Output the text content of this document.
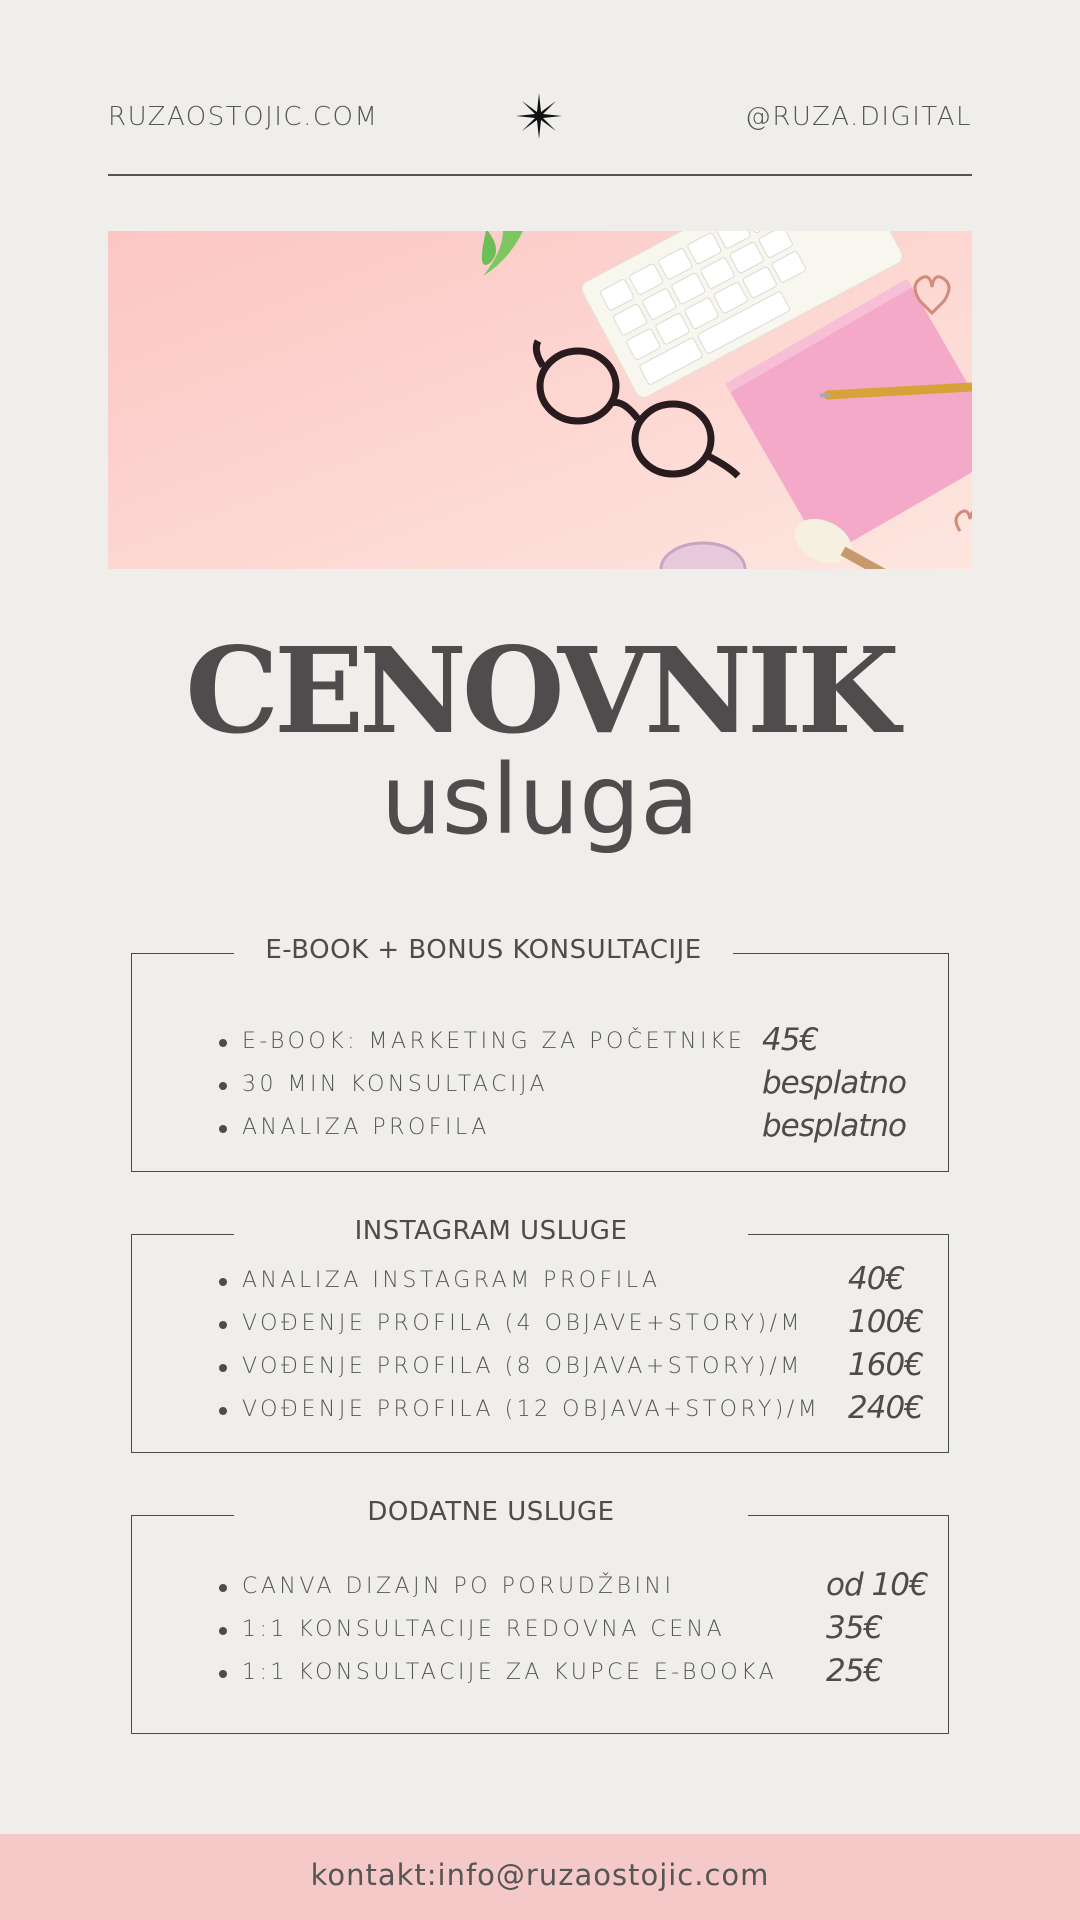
RUZAOSTOJIC.COM	@RUZA.DIGITAL
CENOVNIK
usluga
E-BOOK + BONUS KONSULTACIJE
E-BOOK: MARKETING ZA POČETNIKE 45€
30 MIN KONSULTACIJA	besplatno
ANALIZA PROFILA	besplatno
INSTAGRAM USLUGE
ANALIZA INSTAGRAM PROFILA	40€
VOĐENJE PROFILA (4 OBJAVE+STORY)/M 100€
VOĐENJE PROFILA (8 OBJAVA+STORY)/M 160€
VOĐENJE PROFILA (12 OBJAVA+STORY)/M 240€
DODATNE USLUGE
CANVA DIZAJN PO PORUDŽBINI	od 10€
1:1 KONSULTACIJE REDOVNA CENA	35€
1:1 KONSULTACIJE ZA KUPCE E-BOOKA 25€
kontakt:info@ruzaostojic.com
